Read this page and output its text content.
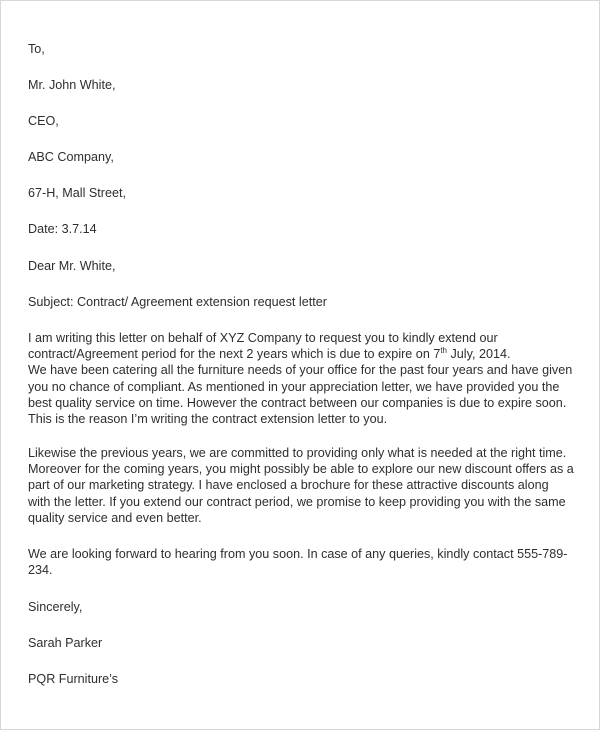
To,
Mr. John White,
CEO,
ABC Company,
67-H, Mall Street,
Date: 3.7.14
Dear Mr. White,
Subject: Contract/ Agreement extension request letter
I am writing this letter on behalf of XYZ Company to request you to kindly extend our
contract/Agreement period for the next 2 years which is due to expire on 7th July, 2014.
We have been catering all the furniture needs of your office for the past four years and have given
you no chance of compliant. As mentioned in your appreciation letter, we have provided you the
best quality service on time. However the contract between our companies is due to expire soon.
This is the reason I’m writing the contract extension letter to you.
Likewise the previous years, we are committed to providing only what is needed at the right time.
Moreover for the coming years, you might possibly be able to explore our new discount offers as a
part of our marketing strategy. I have enclosed a brochure for these attractive discounts along
with the letter. If you extend our contract period, we promise to keep providing you with the same
quality service and even better.
We are looking forward to hearing from you soon. In case of any queries, kindly contact 555-789-
234.
Sincerely,
Sarah Parker
PQR Furniture’s
